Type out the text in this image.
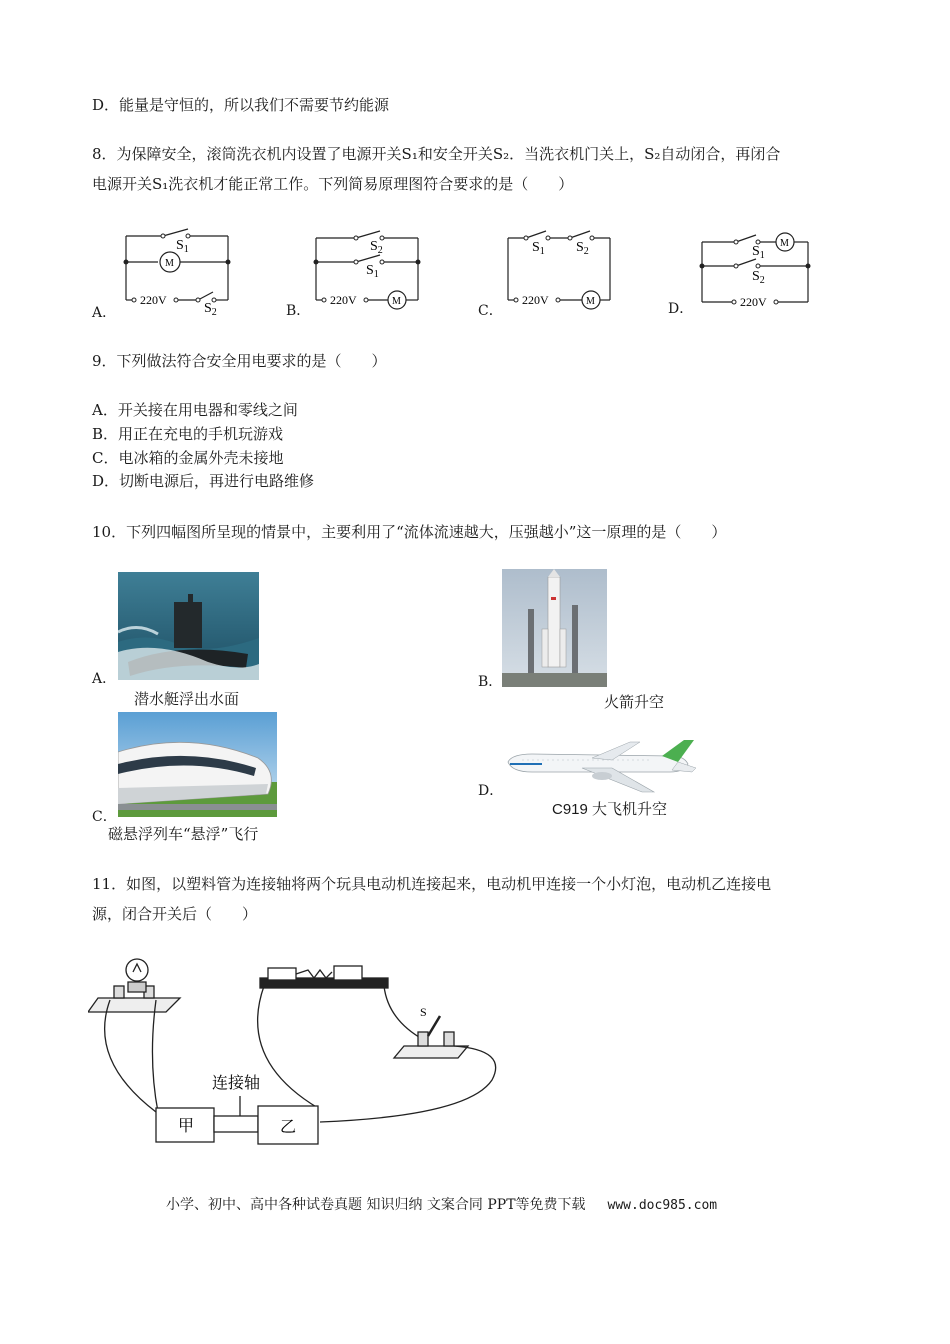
D．能量是守恒的，所以我们不需要节约能源
8．为保障安全，滚筒洗衣机内设置了电源开关S₁和安全开关S₂．当洗衣机门关上，S₂自动闭合，再闭合
电源开关S₁洗衣机才能正常工作。下列简易原理图符合要求的是（　　）
A．
$S_1$
M
220V
$S_2$	B．
$S_2$
$S_1$
220V	M
C．
$S_1$ $S_2$
220V	M	D．
$S_1$
M
$S_2$
220V
9．下列做法符合安全用电要求的是（　　）
A．开关接在用电器和零线之间
B．用正在充电的手机玩游戏
C．电冰箱的金属外壳未接地
D．切断电源后，再进行电路维修
10．下列四幅图所呈现的情景中，主要利用了“流体流速越大，压强越小”这一原理的是（　　）
A．
潜水艇浮出水面
B．
火箭升空
C．
磁悬浮列车“悬浮”飞行
D．
C919 大飞机升空
11．如图，以塑料管为连接轴将两个玩具电动机连接起来，电动机甲连接一个小灯泡，电动机乙连接电
源，闭合开关后（　　）
连接轴
甲	乙
S
小学、初中、高中各种试卷真题 知识归纳 文案合同 PPT等免费下载 www.doc985.com
